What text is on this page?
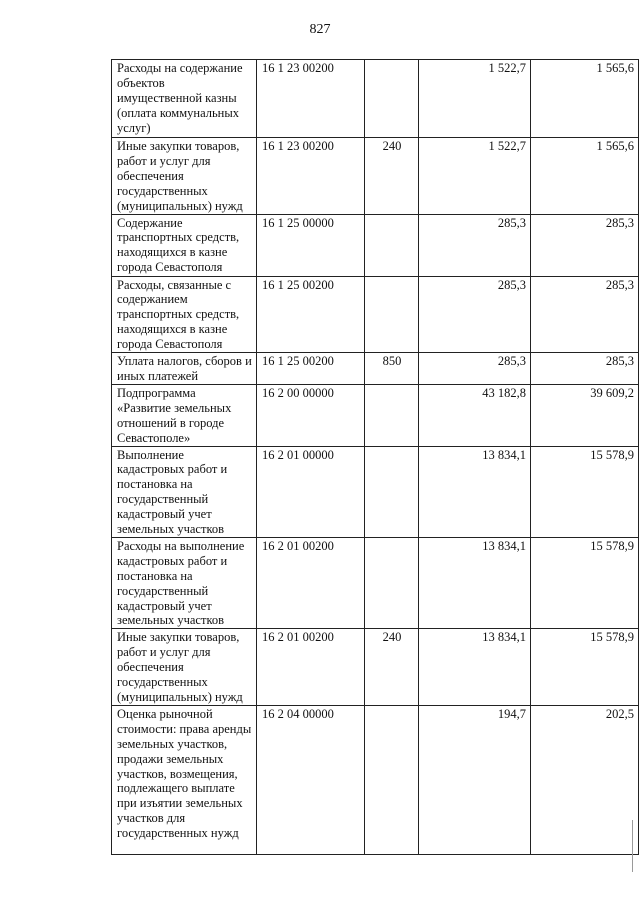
827
Расходы на содержание объектов имущественной казны (оплата коммунальных услуг)	16 1 23 00200		1 522,7	1 565,6
Иные закупки товаров, работ и услуг для обеспечения государственных (муниципальных) нужд	16 1 23 00200	240	1 522,7	1 565,6
Содержание транспортных средств, находящихся в казне города Севастополя	16 1 25 00000		285,3	285,3
Расходы, связанные с содержанием транспортных средств, находящихся в казне города Севастополя	16 1 25 00200		285,3	285,3
Уплата налогов, сборов и иных платежей	16 1 25 00200	850	285,3	285,3
Подпрограмма «Развитие земельных отношений в городе Севастополе»	16 2 00 00000		43 182,8	39 609,2
Выполнение кадастровых работ и постановка на государственный кадастровый учет земельных участков	16 2 01 00000		13 834,1	15 578,9
Расходы на выполнение кадастровых работ и постановка на государственный кадастровый учет земельных участков	16 2 01 00200		13 834,1	15 578,9
Иные закупки товаров, работ и услуг для обеспечения государственных (муниципальных) нужд	16 2 01 00200	240	13 834,1	15 578,9
Оценка рыночной стоимости: права аренды земельных участков, продажи земельных участков, возмещения, подлежащего выплате при изъятии земельных участков для государственных нужд	16 2 04 00000		194,7	202,5
